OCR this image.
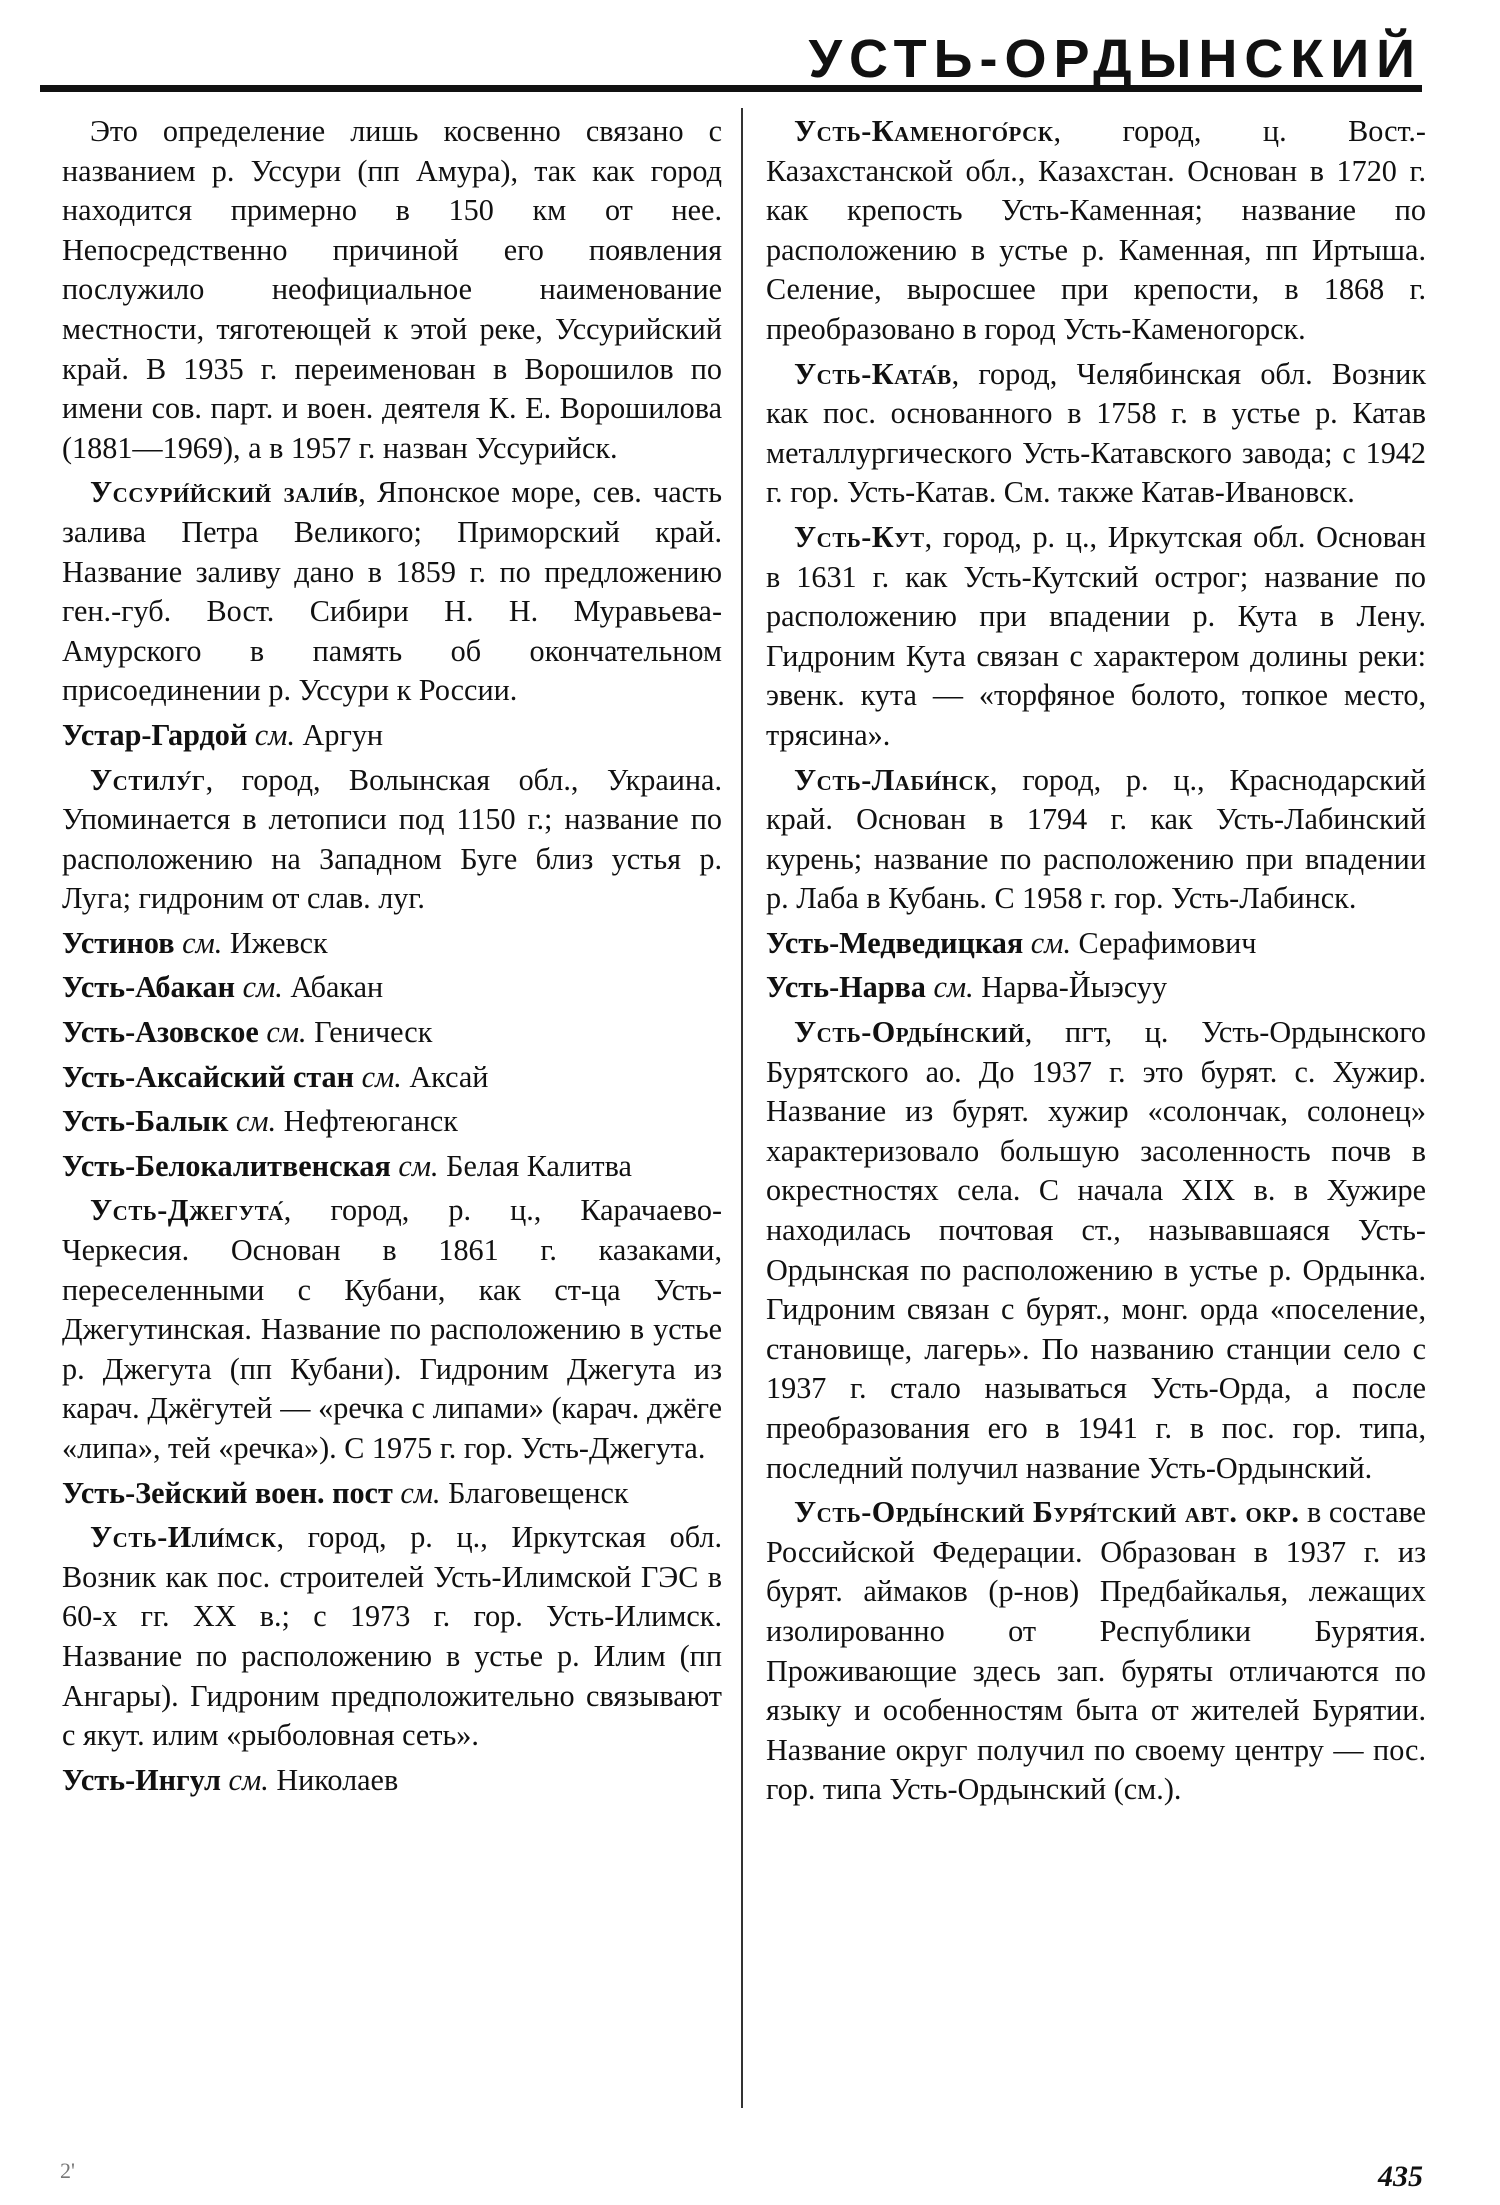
УСТЬ-ОРДЫНСКИЙ

Это определение лишь косвенно связано с названием р. Уссури (пп Амура), так как город находится примерно в 150 км от нее. Непосредственно причиной его появления послужило неофициальное наименование местности, тяготеющей к этой реке, Уссурийский край. В 1935 г. переименован в Ворошилов по имени сов. парт. и воен. деятеля К. Е. Ворошилова (1881—1969), а в 1957 г. назван Уссурийск.

Уссури́йский зали́в, Японское море, сев. часть залива Петра Великого; Приморский край. Название заливу дано в 1859 г. по предложению ген.-губ. Вост. Сибири Н. Н. Муравьева-Амурского в память об окончательном присоединении р. Уссури к России.

Устар-Гардой см. Аргун

Устилу́г, город, Волынская обл., Украина. Упоминается в летописи под 1150 г.; название по расположению на Западном Буге близ устья р. Луга; гидроним от слав. луг.

Устинов см. Ижевск

Усть-Абакан см. Абакан

Усть-Азовское см. Геническ

Усть-Аксайский стан см. Аксай

Усть-Балык см. Нефтеюганск

Усть-Белокалитвенская см. Белая Калитва

Усть-Джегута́, город, р. ц., Карачаево-Черкесия. Основан в 1861 г. казаками, переселенными с Кубани, как ст-ца Усть-Джегутинская. Название по расположению в устье р. Джегута (пп Кубани). Гидроним Джегута из карач. Джёгутей — «речка с липами» (карач. джёге «липа», тей «речка»). С 1975 г. гор. Усть-Джегута.

Усть-Зейский воен. пост см. Благовещенск

Усть-Или́мск, город, р. ц., Иркутская обл. Возник как пос. строителей Усть-Илимской ГЭС в 60-х гг. XX в.; с 1973 г. гор. Усть-Илимск. Название по расположению в устье р. Илим (пп Ангары). Гидроним предположительно связывают с якут. илим «рыболовная сеть».

Усть-Ингул см. Николаев

Усть-Каменого́рск, город, ц. Вост.-Казахстанской обл., Казахстан. Основан в 1720 г. как крепость Усть-Каменная; название по расположению в устье р. Каменная, пп Иртыша. Селение, выросшее при крепости, в 1868 г. преобразовано в город Усть-Каменогорск.

Усть-Ката́в, город, Челябинская обл. Возник как пос. основанного в 1758 г. в устье р. Катав металлургического Усть-Катавского завода; с 1942 г. гор. Усть-Катав. См. также Катав-Ивановск.

Усть-Кут, город, р. ц., Иркутская обл. Основан в 1631 г. как Усть-Кутский острог; название по расположению при впадении р. Кута в Лену. Гидроним Кута связан с характером долины реки: эвенк. кута — «торфяное болото, топкое место, трясина».

Усть-Лаби́нск, город, р. ц., Краснодарский край. Основан в 1794 г. как Усть-Лабинский курень; название по расположению при впадении р. Лаба в Кубань. С 1958 г. гор. Усть-Лабинск.

Усть-Медведицкая см. Серафимович

Усть-Нарва см. Нарва-Йыэсуу

Усть-Орды́нский, пгт, ц. Усть-Ордынского Бурятского ао. До 1937 г. это бурят. с. Хужир. Название из бурят. хужир «солончак, солонец» характеризовало большую засоленность почв в окрестностях села. С начала XIX в. в Хужире находилась почтовая ст., называвшаяся Усть-Ордынская по расположению в устье р. Ордынка. Гидроним связан с бурят., монг. орда «поселение, становище, лагерь». По названию станции село с 1937 г. стало называться Усть-Орда, а после преобразования его в 1941 г. в пос. гор. типа, последний получил название Усть-Ордынский.

Усть-Орды́нский Буря́тский авт. окр. в составе Российской Федерации. Образован в 1937 г. из бурят. аймаков (р-нов) Предбайкалья, лежащих изолированно от Республики Бурятия. Проживающие здесь зап. буряты отличаются по языку и особенностям быта от жителей Бурятии. Название округ получил по своему центру — пос. гор. типа Усть-Ордынский (см.).

2'	435
